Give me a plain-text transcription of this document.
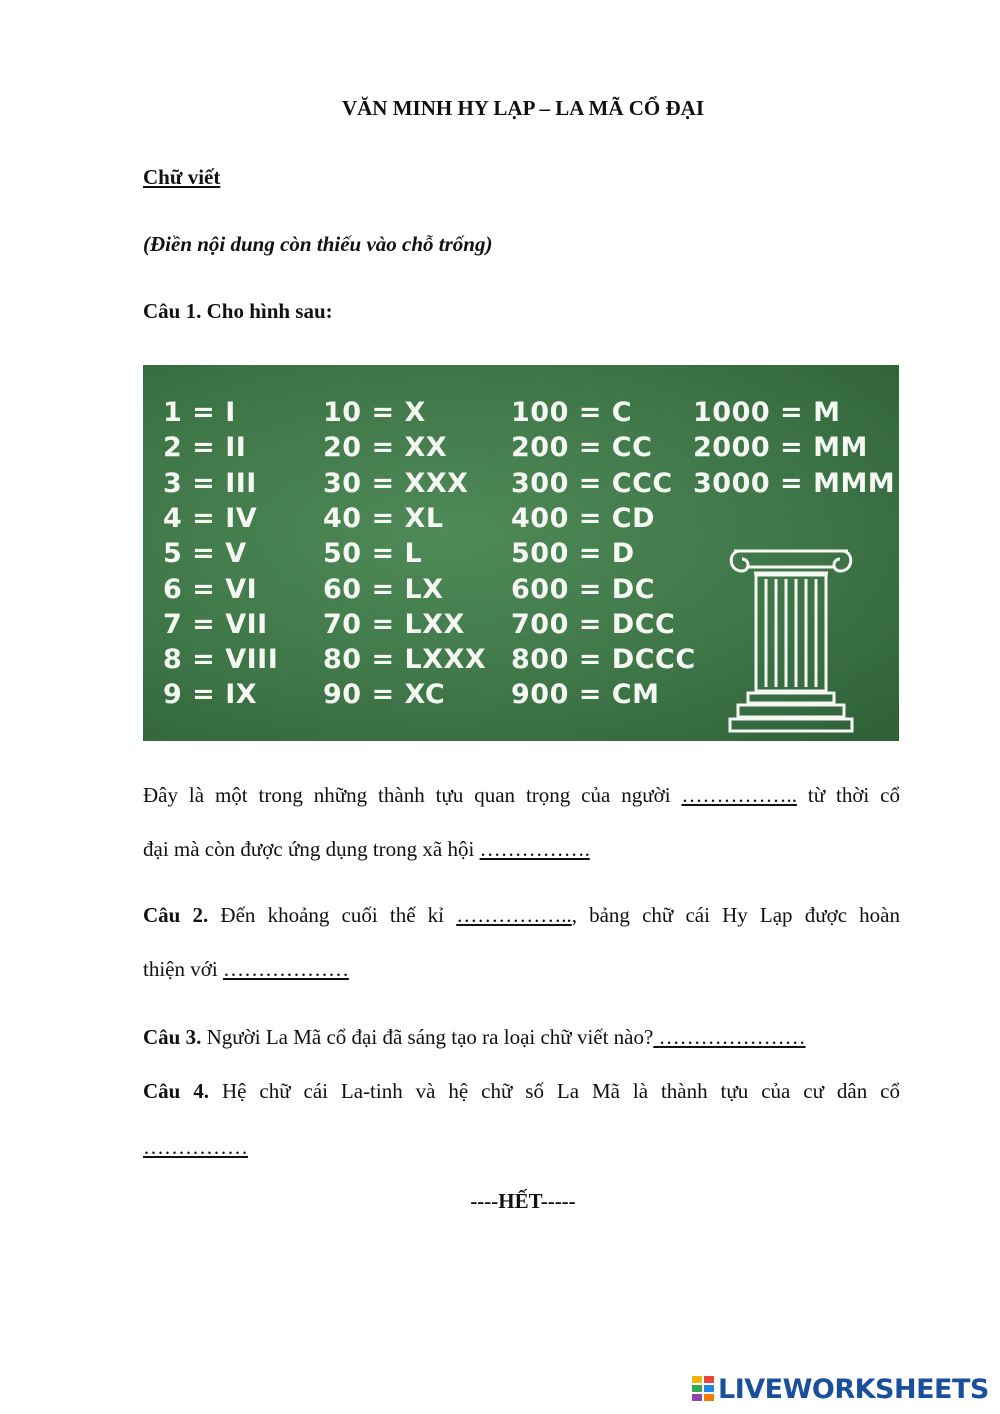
VĂN MINH HY LẠP – LA MÃ CỔ ĐẠI
Chữ viết
(Điền nội dung còn thiếu vào chỗ trống)
Câu 1. Cho hình sau:
1 = I
2 = II
3 = III
4 = IV
5 = V
6 = VI
7 = VII
8 = VIII
9 = IX
10 = X
20 = XX
30 = XXX
40 = XL
50 = L
60 = LX
70 = LXX
80 = LXXX
90 = XC
100 = C
200 = CC
300 = CCC
400 = CD
500 = D
600 = DC
700 = DCC
800 = DCCC
900 = CM
1000 = M
2000 = MM
3000 = MMM
Đây là một trong những thành tựu quan trọng của người …………….. từ thời cổ
đại mà còn được ứng dụng trong xã hội …………….
Câu 2. Đến khoảng cuối thế kỉ …………….., bảng chữ cái Hy Lạp được hoàn
thiện với ………………
Câu 3. Người La Mã cổ đại đã sáng tạo ra loại chữ viết nào? …………………
Câu 4. Hệ chữ cái La-tinh và hệ chữ số La Mã là thành tựu của cư dân cổ
……………
----HẾT-----
LIVEWORKSHEETS
